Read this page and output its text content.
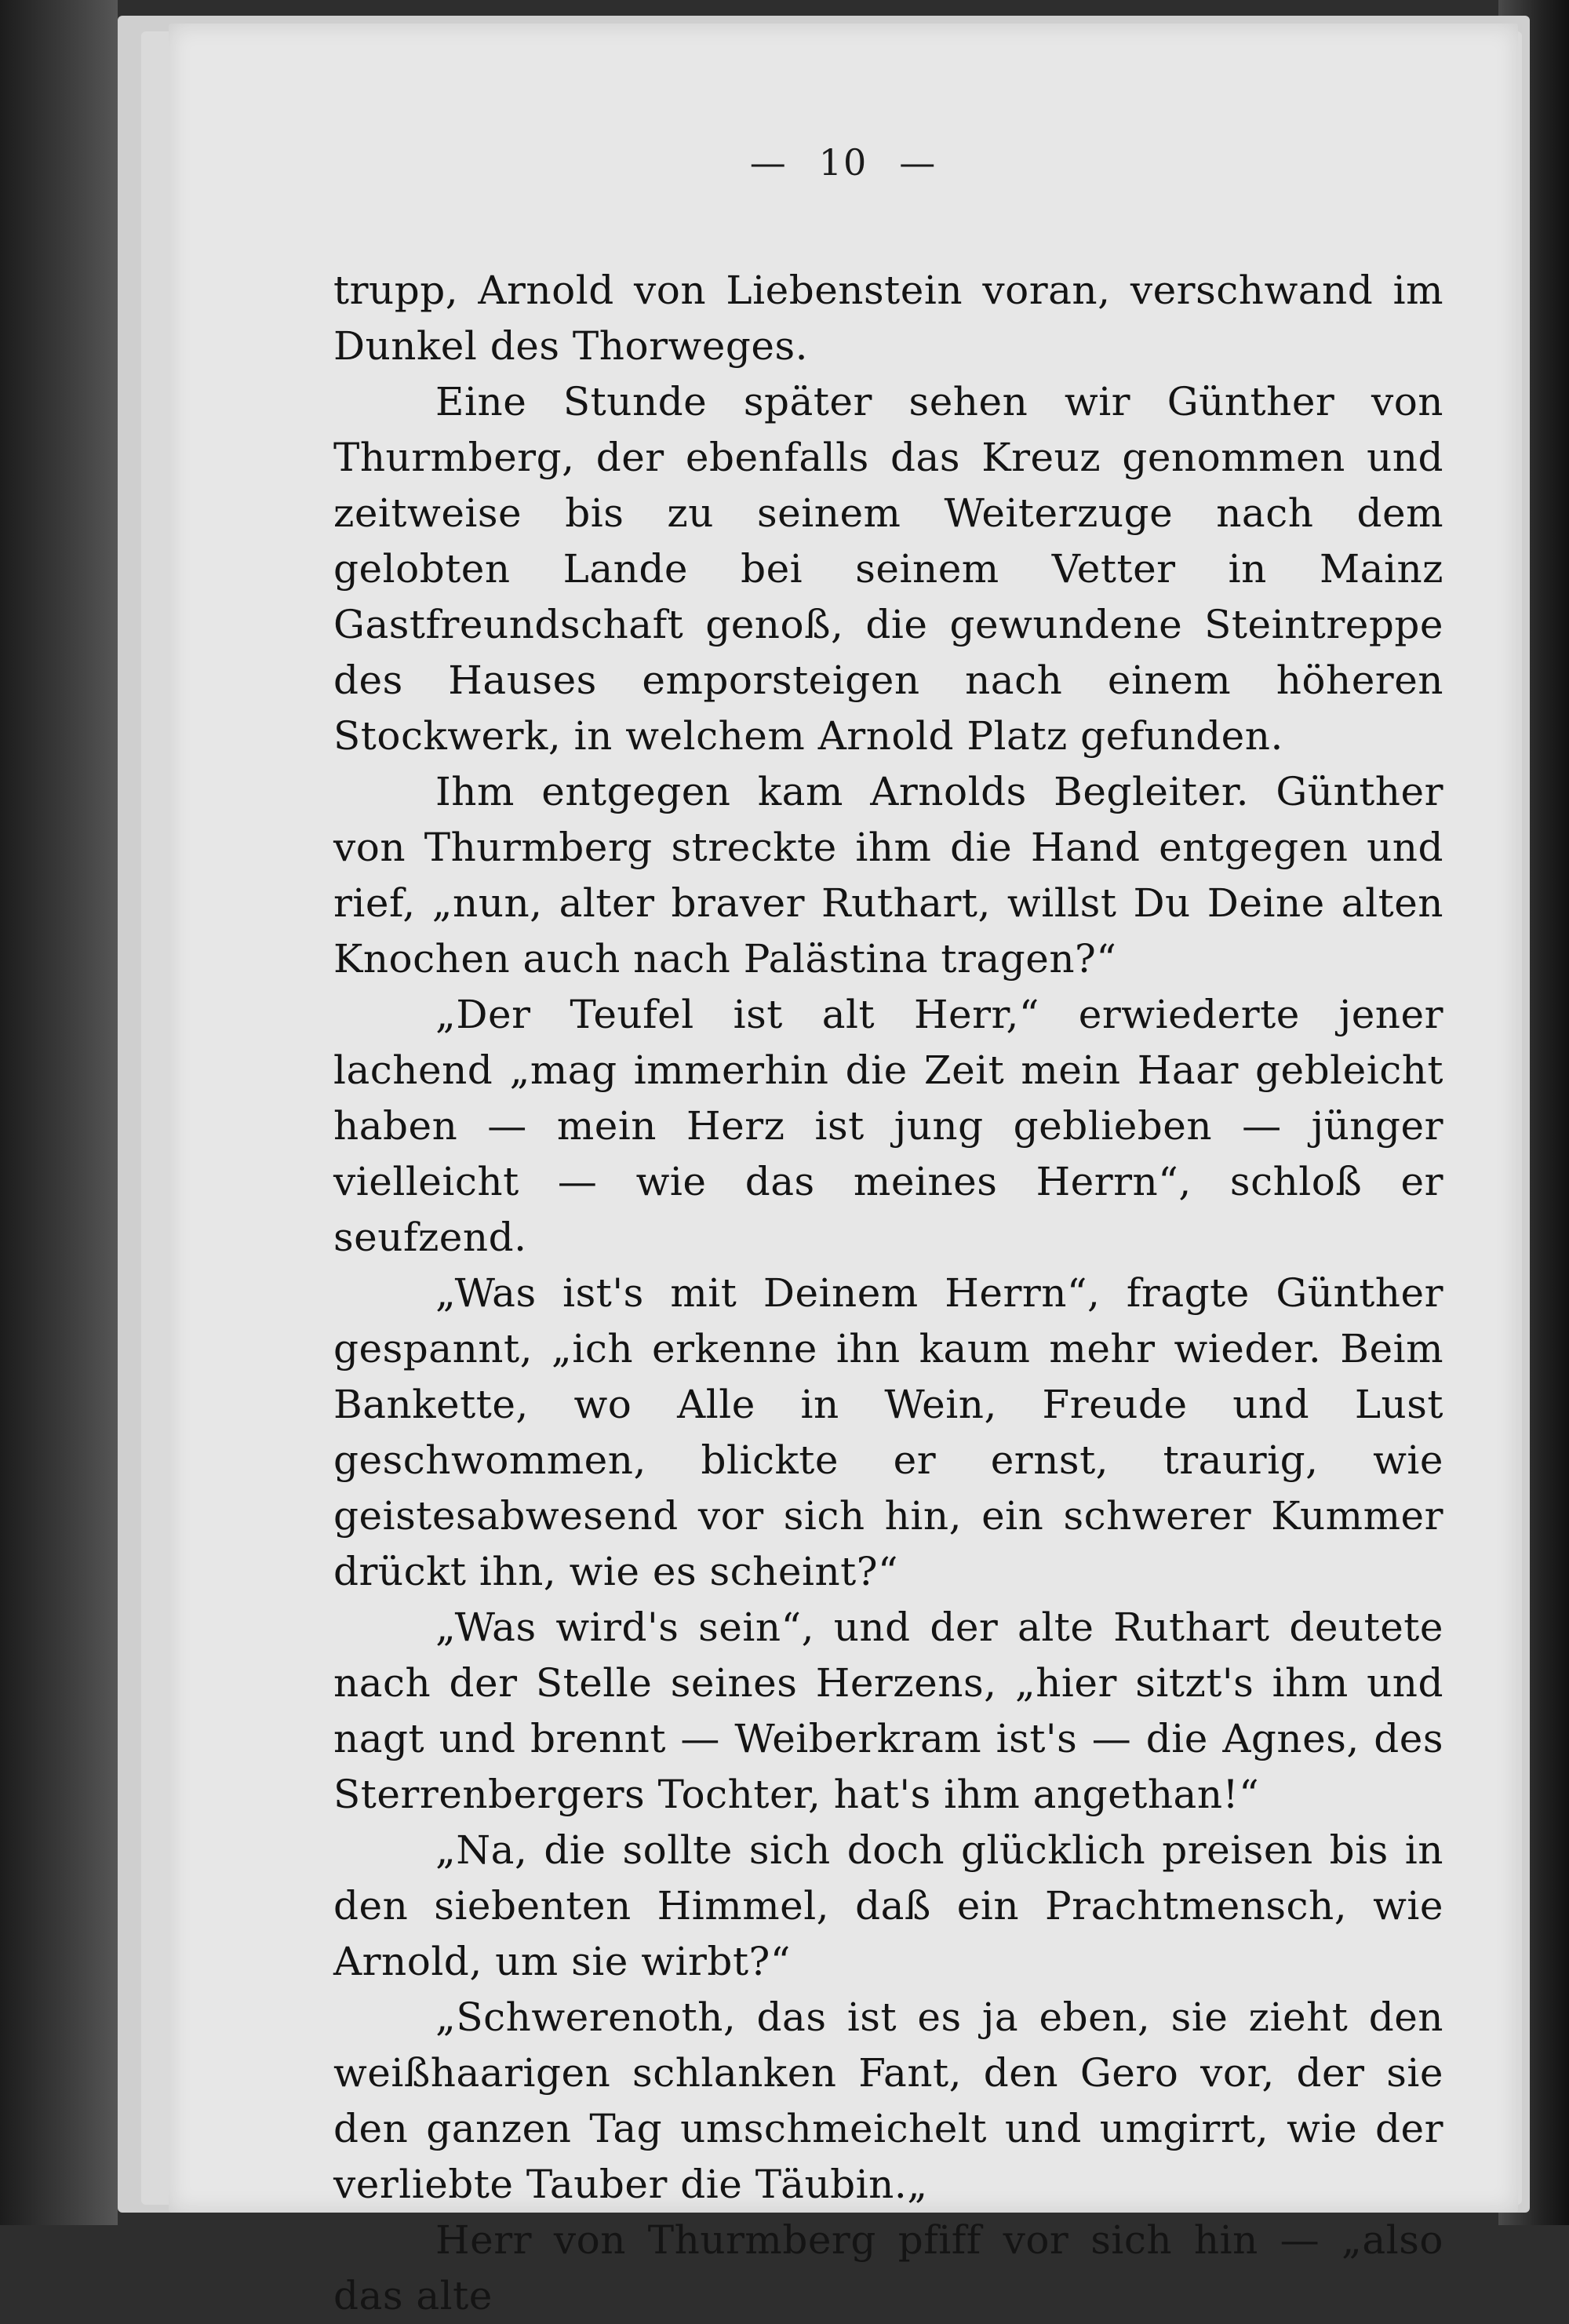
— 10 —

trupp, Arnold von Liebenstein voran, verschwand im Dunkel des Thorweges.

Eine Stunde später sehen wir Günther von Thurmberg, der ebenfalls das Kreuz genommen und zeitweise bis zu seinem Weiterzuge nach dem gelobten Lande bei seinem Vetter in Mainz Gastfreundschaft genoß, die gewundene Steintreppe des Hauses emporsteigen nach einem höheren Stockwerk, in welchem Arnold Platz gefunden.

Ihm entgegen kam Arnolds Begleiter. Günther von Thurmberg streckte ihm die Hand entgegen und rief, „nun, alter braver Ruthart, willst Du Deine alten Knochen auch nach Palästina tragen?“

„Der Teufel ist alt Herr,“ erwiederte jener lachend „mag immerhin die Zeit mein Haar gebleicht haben — mein Herz ist jung geblieben — jünger vielleicht — wie das meines Herrn“, schloß er seufzend.

„Was ist's mit Deinem Herrn“, fragte Günther gespannt, „ich erkenne ihn kaum mehr wieder. Beim Bankette, wo Alle in Wein, Freude und Lust geschwommen, blickte er ernst, traurig, wie geistesabwesend vor sich hin, ein schwerer Kummer drückt ihn, wie es scheint?“

„Was wird's sein“, und der alte Ruthart deutete nach der Stelle seines Herzens, „hier sitzt's ihm und nagt und brennt — Weiberkram ist's — die Agnes, des Sterrenbergers Tochter, hat's ihm angethan!“

„Na, die sollte sich doch glücklich preisen bis in den siebenten Himmel, daß ein Prachtmensch, wie Arnold, um sie wirbt?“

„Schwerenoth, das ist es ja eben, sie zieht den weißhaarigen schlanken Fant, den Gero vor, der sie den ganzen Tag umschmeichelt und umgirrt, wie der verliebte Tauber die Täubin.„

Herr von Thurmberg pfiff vor sich hin — „also das alte
